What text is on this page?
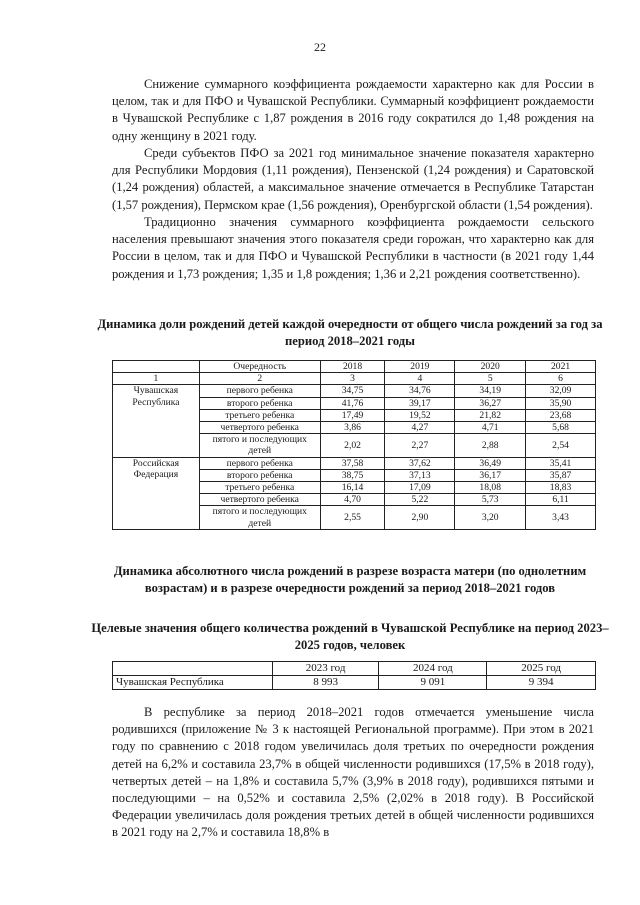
22
Снижение суммарного коэффициента рождаемости характерно как для России в целом, так и для ПФО и Чувашской Республики. Суммарный коэффициент рождаемости в Чувашской Республике с 1,87 рождения в 2016 году сократился до 1,48 рождения на одну женщину в 2021 году.
Среди субъектов ПФО за 2021 год минимальное значение показателя характерно для Республики Мордовия (1,11 рождения), Пензенской (1,24 рождения) и Саратовской (1,24 рождения) областей, а максимальное значение отмечается в Республике Татарстан (1,57 рождения), Пермском крае (1,56 рождения), Оренбургской области (1,54 рождения).
Традиционно значения суммарного коэффициента рождаемости сельского населения превышают значения этого показателя среди горожан, что характерно как для России в целом, так и для ПФО и Чувашской Республики в частности (в 2021 году 1,44 рождения и 1,73 рождения; 1,35 и 1,8 рождения; 1,36 и 2,21 рождения соответственно).
Динамика доли рождений детей каждой очередности от общего числа рождений за год за период 2018–2021 годы
	Очередность	2018	2019	2020	2021
1	2	3	4	5	6
Чувашская Республика	первого ребенка	34,75	34,76	34,19	32,09
	второго ребенка	41,76	39,17	36,27	35,90
	третьего ребенка	17,49	19,52	21,82	23,68
	четвертого ребенка	3,86	4,27	4,71	5,68
	пятого и последующих детей	2,02	2,27	2,88	2,54
Российская Федерация	первого ребенка	37,58	37,62	36,49	35,41
	второго ребенка	38,75	37,13	36,17	35,87
	третьего ребенка	16,14	17,09	18,08	18,83
	четвертого ребенка	4,70	5,22	5,73	6,11
	пятого и последующих детей	2,55	2,90	3,20	3,43
Динамика абсолютного числа рождений в разрезе возраста матери (по однолетним возрастам) и в разрезе очередности рождений за период 2018–2021 годов
Целевые значения общего количества рождений в Чувашской Республике на период 2023–2025 годов, человек
	2023 год	2024 год	2025 год
Чувашская Республика	8 993	9 091	9 394
В республике за период 2018–2021 годов отмечается уменьшение числа родившихся (приложение № 3 к настоящей Региональной программе). При этом в 2021 году по сравнению с 2018 годом увеличилась доля третьих по очередности рождения детей на 6,2% и составила 23,7% в общей численности родившихся (17,5% в 2018 году), четвертых детей – на 1,8% и составила 5,7% (3,9% в 2018 году), родившихся пятыми и последующими – на 0,52% и составила 2,5% (2,02% в 2018 году). В Российской Федерации увеличилась доля рождения третьих детей в общей численности родившихся в 2021 году на 2,7% и составила 18,8% в
